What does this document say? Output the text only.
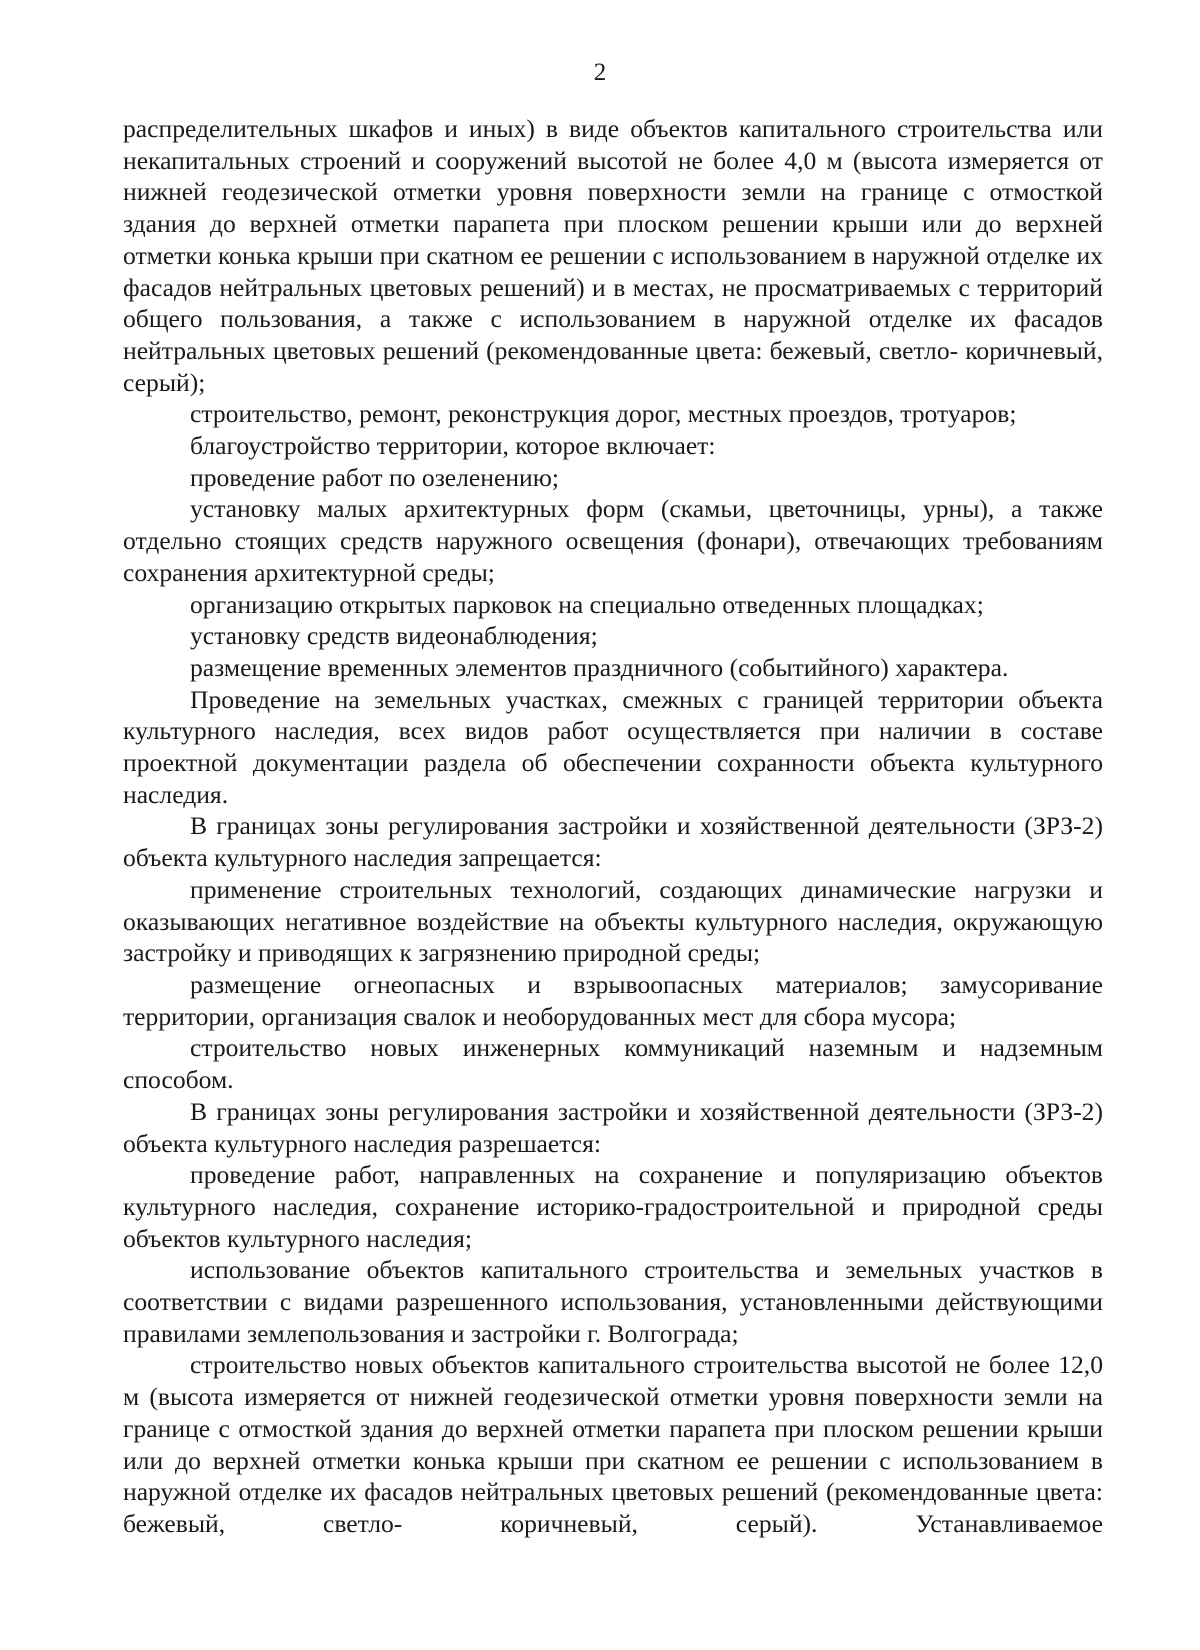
2

распределительных шкафов и иных) в виде объектов капитального строительства или некапитальных строений и сооружений высотой не более 4,0 м (высота измеряется от нижней геодезической отметки уровня поверхности земли на границе с отмосткой здания до верхней отметки парапета при плоском решении крыши или до верхней отметки конька крыши при скатном ее решении с использованием в наружной отделке их фасадов нейтральных цветовых решений) и в местах, не просматриваемых с территорий общего пользования, а также с использованием в наружной отделке их фасадов нейтральных цветовых решений (рекомендованные цвета: бежевый, светло- коричневый, серый);

строительство, ремонт, реконструкция дорог, местных проездов, тротуаров;

благоустройство территории, которое включает:

проведение работ по озеленению;

установку малых архитектурных форм (скамьи, цветочницы, урны), а также отдельно стоящих средств наружного освещения (фонари), отвечающих требованиям сохранения архитектурной среды;

организацию открытых парковок на специально отведенных площадках;

установку средств видеонаблюдения;

размещение временных элементов праздничного (событийного) характера.

Проведение на земельных участках, смежных с границей территории объекта культурного наследия, всех видов работ осуществляется при наличии в составе проектной документации раздела об обеспечении сохранности объекта культурного наследия.

В границах зоны регулирования застройки и хозяйственной деятельности (ЗРЗ-2) объекта культурного наследия запрещается:

применение строительных технологий, создающих динамические нагрузки и оказывающих негативное воздействие на объекты культурного наследия, окружающую застройку и приводящих к загрязнению природной среды;

размещение огнеопасных и взрывоопасных материалов; замусоривание территории, организация свалок и необорудованных мест для сбора мусора;

строительство новых инженерных коммуникаций наземным и надземным способом.

В границах зоны регулирования застройки и хозяйственной деятельности (ЗРЗ-2) объекта культурного наследия разрешается:

проведение работ, направленных на сохранение и популяризацию объектов культурного наследия, сохранение историко-градостроительной и природной среды объектов культурного наследия;

использование объектов капитального строительства и земельных участков в соответствии с видами разрешенного использования, установленными действующими правилами землепользования и застройки г. Волгограда;

строительство новых объектов капитального строительства высотой не более 12,0 м (высота измеряется от нижней геодезической отметки уровня поверхности земли на границе с отмосткой здания до верхней отметки парапета при плоском решении крыши или до верхней отметки конька крыши при скатном ее решении с использованием в наружной отделке их фасадов нейтральных цветовых решений (рекомендованные цвета: бежевый, светло- коричневый, серый). Устанавливаемое
